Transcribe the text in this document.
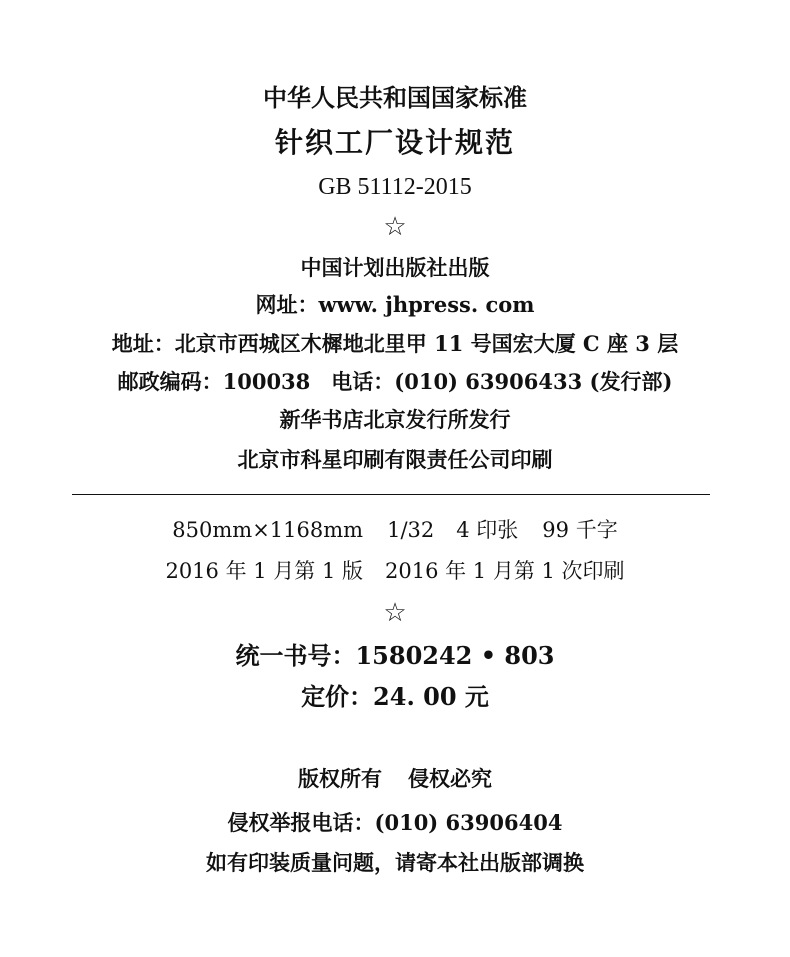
中华人民共和国国家标准
针织工厂设计规范
GB 51112-2015
☆
中国计划出版社出版
网址：www. jhpress. com
地址：北京市西城区木樨地北里甲 11 号国宏大厦 C 座 3 层
邮政编码：100038　电话：(010) 63906433 (发行部)
新华书店北京发行所发行
北京市科星印刷有限责任公司印刷
850mm×1168mm 1/32 4 印张 99 千字
2016 年 1 月第 1 版 2016 年 1 月第 1 次印刷
☆
统一书号：1580242 • 803
定价：24. 00 元
版权所有 侵权必究
侵权举报电话：(010) 63906404
如有印装质量问题，请寄本社出版部调换
